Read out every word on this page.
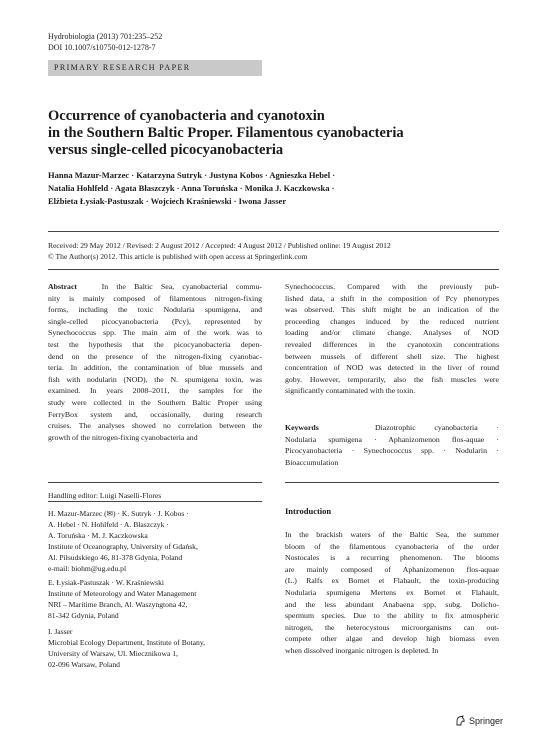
Hydrobiologia (2013) 701:235–252
DOI 10.1007/s10750-012-1278-7
PRIMARY RESEARCH PAPER
Occurrence of cyanobacteria and cyanotoxin
in the Southern Baltic Proper. Filamentous cyanobacteria
versus single-celled picocyanobacteria
Hanna Mazur-Marzec · Katarzyna Sutryk · Justyna Kobos · Agnieszka Hebel ·
Natalia Hohlfeld · Agata Błaszczyk · Anna Toruńska · Monika J. Kaczkowska ·
Elżbieta Łysiak-Pastuszak · Wojciech Kraśniewski · Iwona Jasser
Received: 29 May 2012 / Revised: 2 August 2012 / Accepted: 4 August 2012 / Published online: 19 August 2012
© The Author(s) 2012. This article is published with open access at Springerlink.com
Abstract	In the Baltic Sea, cyanobacterial commu-
nity is mainly composed of filamentous nitrogen-fixing
forms, including the toxic Nodularia spumigena, and
single-celled picocyanobacteria (Pcy), represented by
Synechococcus spp. The main aim of the work was to
test the hypothesis that the picocyanobacteria depen-
dend on the presence of the nitrogen-fixing cyanobac-
teria. In addition, the contamination of blue mussels and
fish with nodularin (NOD), the N. spumigena toxin, was
examined. In years 2008–2011, the samples for the
study were collected in the Southern Baltic Proper using
FerryBox system and, occasionally, during research
cruises. The analyses showed no correlation between the
growth of the nitrogen-fixing cyanobacteria and
Synechococcus. Compared with the previously pub-
lished data, a shift in the composition of Pcy phenotypes
was observed. This shift might be an indication of the
proceeding changes induced by the reduced nutrient
loading and/or climate change. Analyses of NOD
revealed differences in the cyanotoxin concentrations
between mussels of different shell size. The highest
concentration of NOD was detected in the liver of round
goby. However, temporarily, also the fish muscles were
significantly contaminated with the toxin.
Keywords	Diazotrophic cyanobacteria ·
Nodularia spumigena · Aphanizomenon flos-aquae ·
Picocyanobacteria · Synechococcus spp. · Nodularin ·
Bioaccumulation
Handling editor: Luigi Naselli-Flores
H. Mazur-Marzec (✉) · K. Sutryk · J. Kobos ·
A. Hebel · N. Hohlfeld · A. Błaszczyk ·
A. Toruńska · M. J. Kaczkowska
Institute of Oceanography, University of Gdańsk,
Al. Piłsudskiego 46, 81-378 Gdynia, Poland
e-mail: biohm@ug.edu.pl
E. Łysiak-Pastuszak · W. Kraśniewski
Institute of Meteorology and Water Management
NRI – Maritime Branch, Al. Waszyngtona 42,
81-342 Gdynia, Poland
I. Jasser
Microbial Ecology Department, Institute of Botany,
University of Warsaw, Ul. Miecznikowa 1,
02-096 Warsaw, Poland
Introduction
In the brackish waters of the Baltic Sea, the summer
bloom of the filamentous cyanobacteria of the order
Nostocales is a recurring phenomenon. The blooms
are mainly composed of Aphanizomenon flos-aquae
(L.) Ralfs ex Bornet et Flahault, the toxin-producing
Nodularia spumigena Mertens ex Bornet et Flahault,
and the less abundant Anabaena spp, subg. Dolicho-
spermum species. Due to the ability to fix atmospheric
nitrogen, the heterocystous microorganisms can out-
compete other algae and develop high biomass even
when dissolved inorganic nitrogen is depleted. In
Springer
